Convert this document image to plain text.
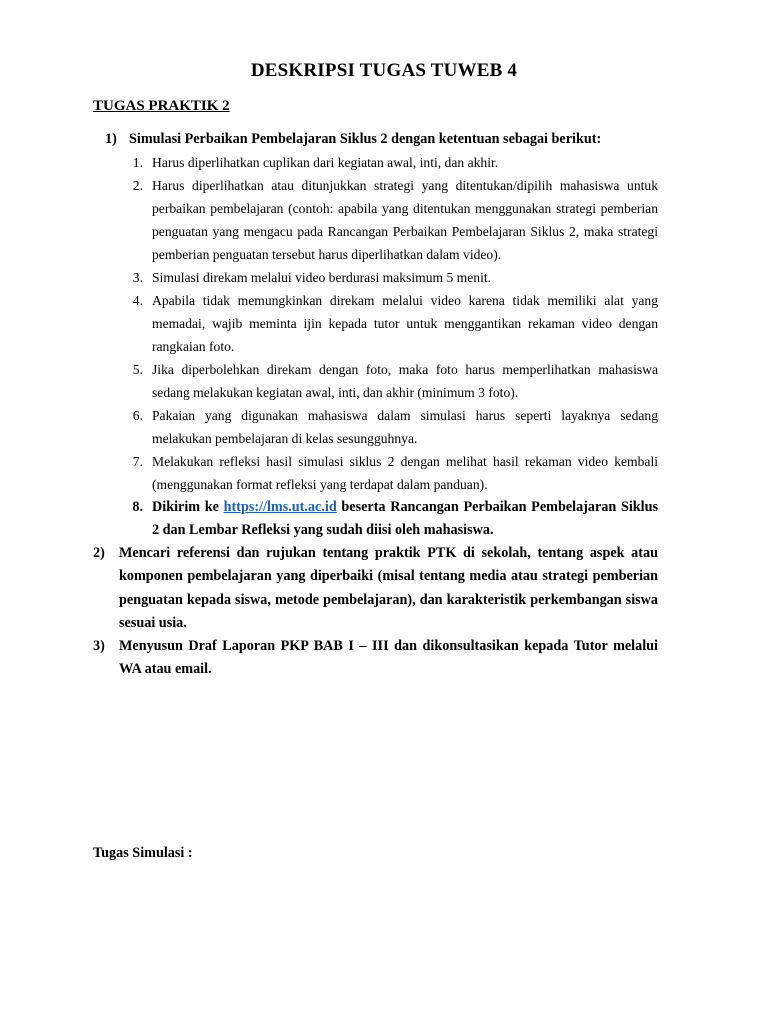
DESKRIPSI TUGAS TUWEB 4
TUGAS PRAKTIK 2
1) Simulasi Perbaikan Pembelajaran Siklus 2 dengan ketentuan sebagai berikut:
1. Harus diperlihatkan cuplikan dari kegiatan awal, inti, dan akhir.
2. Harus diperlihatkan atau ditunjukkan strategi yang ditentukan/dipilih mahasiswa untuk perbaikan pembelajaran (contoh: apabila yang ditentukan menggunakan strategi pemberian penguatan yang mengacu pada Rancangan Perbaikan Pembelajaran Siklus 2, maka strategi pemberian penguatan tersebut harus diperlihatkan dalam video).
3. Simulasi direkam melalui video berdurasi maksimum 5 menit.
4. Apabila tidak memungkinkan direkam melalui video karena tidak memiliki alat yang memadai, wajib meminta ijin kepada tutor untuk menggantikan rekaman video dengan rangkaian foto.
5. Jika diperbolehkan direkam dengan foto, maka foto harus memperlihatkan mahasiswa sedang melakukan kegiatan awal, inti, dan akhir (minimum 3 foto).
6. Pakaian yang digunakan mahasiswa dalam simulasi harus seperti layaknya sedang melakukan pembelajaran di kelas sesungguhnya.
7. Melakukan refleksi hasil simulasi siklus 2 dengan melihat hasil rekaman video kembali (menggunakan format refleksi yang terdapat dalam panduan).
8. Dikirim ke https://lms.ut.ac.id beserta Rancangan Perbaikan Pembelajaran Siklus 2 dan Lembar Refleksi yang sudah diisi oleh mahasiswa.
2) Mencari referensi dan rujukan tentang praktik PTK di sekolah, tentang aspek atau komponen pembelajaran yang diperbaiki (misal tentang media atau strategi pemberian penguatan kepada siswa, metode pembelajaran), dan karakteristik perkembangan siswa sesuai usia.
3) Menyusun Draf Laporan PKP BAB I – III dan dikonsultasikan kepada Tutor melalui WA atau email.
Tugas Simulasi :
